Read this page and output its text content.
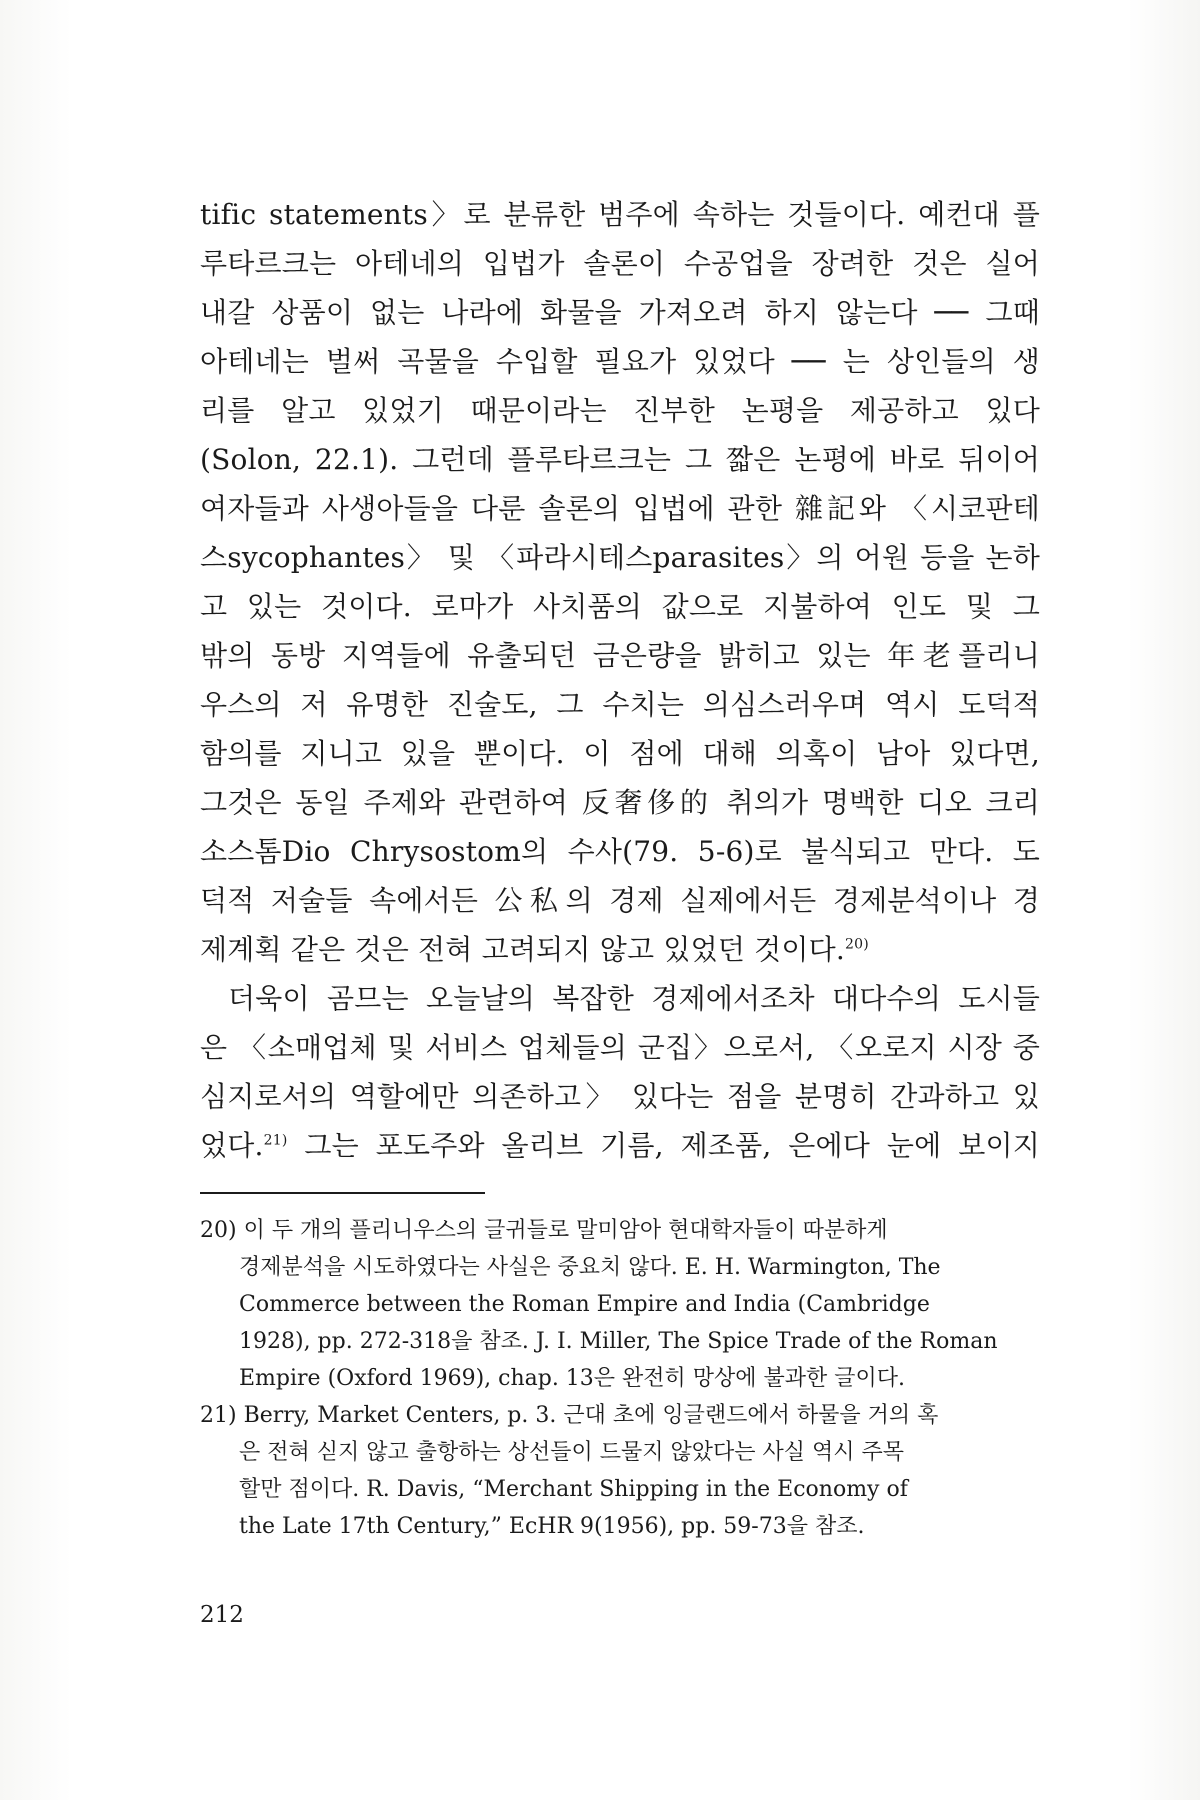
tific statements〉로 분류한 범주에 속하는 것들이다. 예컨대 플

루타르크는 아테네의 입법가 솔론이 수공업을 장려한 것은 실어

내갈 상품이 없는 나라에 화물을 가져오려 하지 않는다 ── 그때

아테네는 벌써 곡물을 수입할 필요가 있었다 ── 는 상인들의 생

리를 알고 있었기 때문이라는 진부한 논평을 제공하고 있다

(Solon, 22.1). 그런데 플루타르크는 그 짧은 논평에 바로 뒤이어

여자들과 사생아들을 다룬 솔론의 입법에 관한 雜記와 〈시코판테

스sycophantes〉 및 〈파라시테스parasites〉의 어원 등을 논하

고 있는 것이다. 로마가 사치품의 값으로 지불하여 인도 및 그

밖의 동방 지역들에 유출되던 금은량을 밝히고 있는 年老플리니

우스의 저 유명한 진술도, 그 수치는 의심스러우며 역시 도덕적

함의를 지니고 있을 뿐이다. 이 점에 대해 의혹이 남아 있다면,

그것은 동일 주제와 관련하여 反奢侈的 취의가 명백한 디오 크리

소스톰Dio Chrysostom의 수사(79. 5-6)로 불식되고 만다. 도

덕적 저술들 속에서든 公私의 경제 실제에서든 경제분석이나 경

제계획 같은 것은 전혀 고려되지 않고 있었던 것이다.$^{20)}$

더욱이 곰므는 오늘날의 복잡한 경제에서조차 대다수의 도시들

은 〈소매업체 및 서비스 업체들의 군집〉으로서, 〈오로지 시장 중

심지로서의 역할에만 의존하고〉 있다는 점을 분명히 간과하고 있

었다.$^{21)}$ 그는 포도주와 올리브 기름, 제조품, 은에다 눈에 보이지

20) 이 두 개의 플리니우스의 글귀들로 말미암아 현대학자들이 따분하게

경제분석을 시도하였다는 사실은 중요치 않다. E. H. Warmington, The

Commerce between the Roman Empire and India (Cambridge

1928), pp. 272-318을 참조. J. I. Miller, The Spice Trade of the Roman

Empire (Oxford 1969), chap. 13은 완전히 망상에 불과한 글이다.

21) Berry, Market Centers, p. 3. 근대 초에 잉글랜드에서 하물을 거의 혹

은 전혀 싣지 않고 출항하는 상선들이 드물지 않았다는 사실 역시 주목

할만 점이다. R. Davis, “Merchant Shipping in the Economy of

the Late 17th Century,” EcHR 9(1956), pp. 59-73을 참조.

212
